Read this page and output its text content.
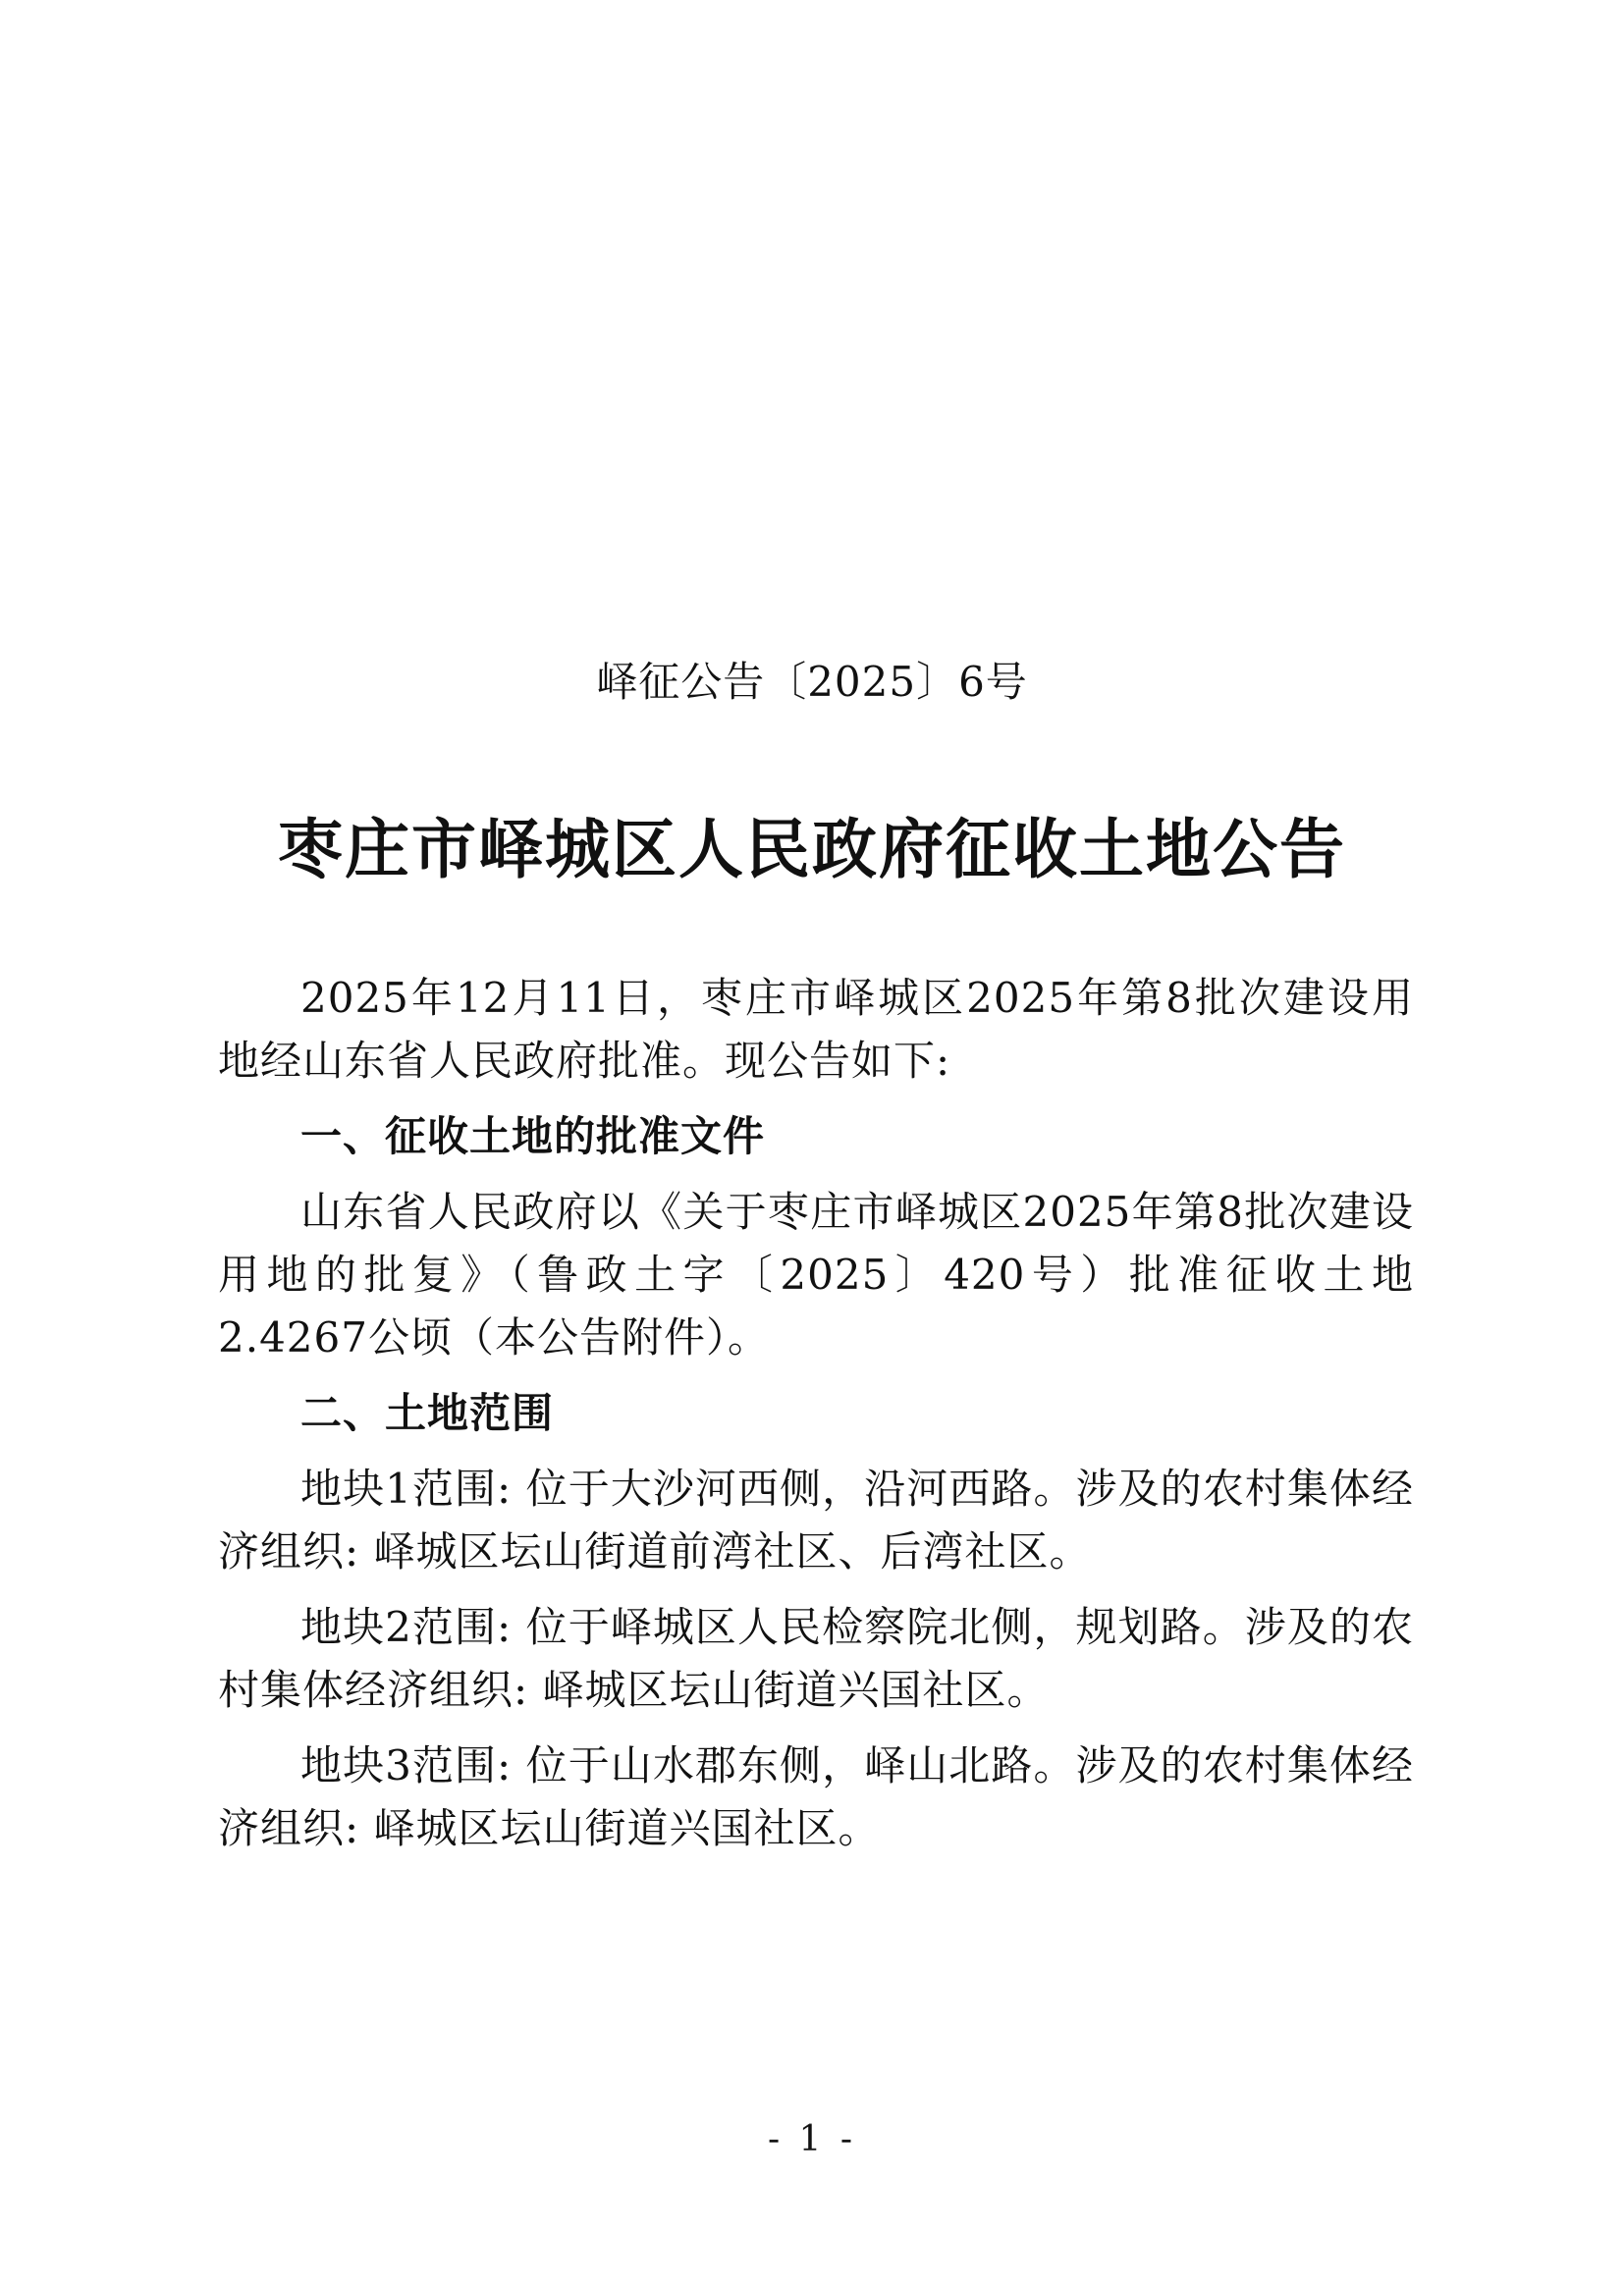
峄征公告〔2025〕6号
枣庄市峄城区人民政府征收土地公告

2025年12月11日，枣庄市峄城区2025年第8批次建设用地经山东省人民政府批准。现公告如下:

一、征收土地的批准文件

山东省人民政府以《关于枣庄市峄城区2025年第8批次建设用地的批复》（鲁政土字〔2025〕420号）批准征收土地2.4267公顷（本公告附件）。

二、土地范围

地块1范围: 位于大沙河西侧，沿河西路。涉及的农村集体经济组织: 峄城区坛山街道前湾社区、后湾社区。

地块2范围: 位于峄城区人民检察院北侧，规划路。涉及的农村集体经济组织: 峄城区坛山街道兴国社区。

地块3范围: 位于山水郡东侧，峄山北路。涉及的农村集体经济组织: 峄城区坛山街道兴国社区。

- 1 -
